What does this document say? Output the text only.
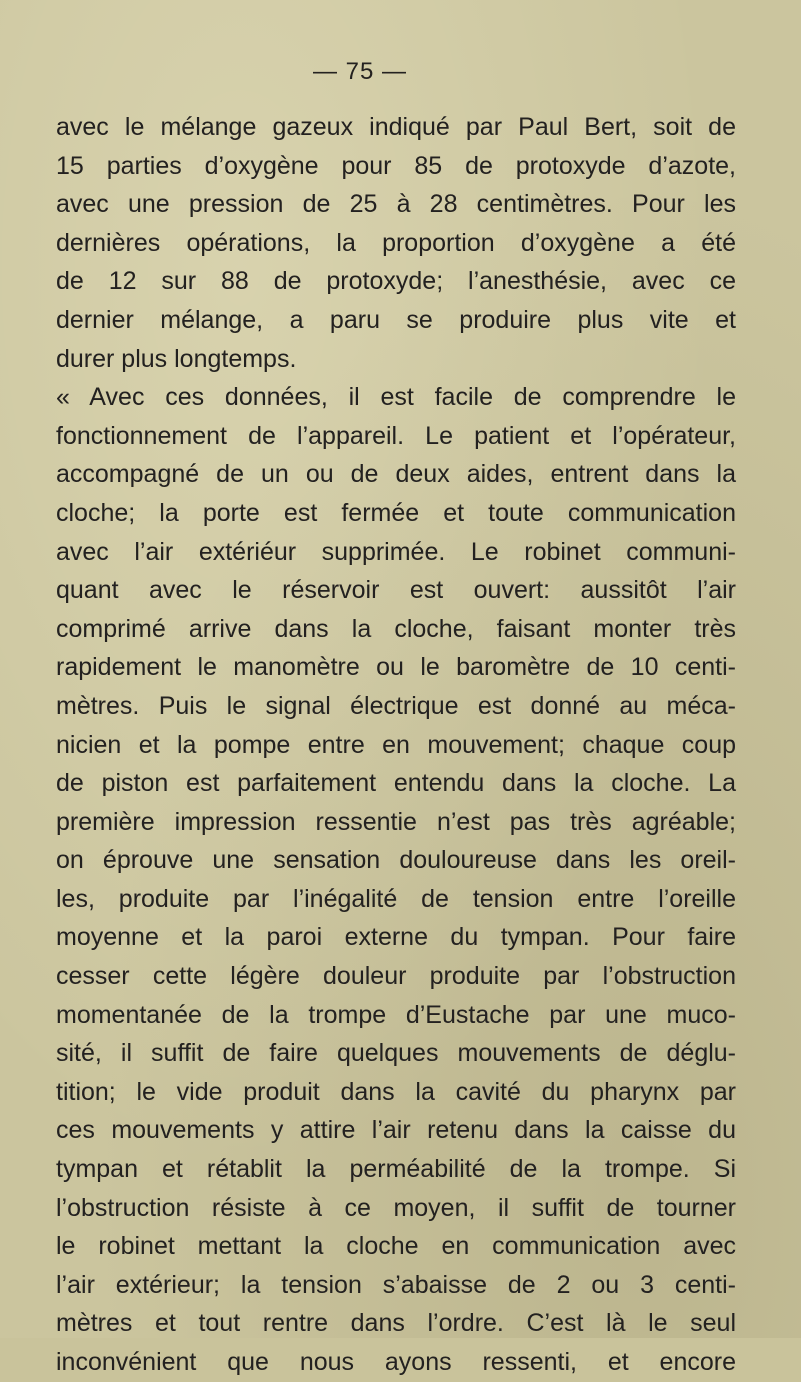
— 75 —
avec le mélange gazeux indiqué par Paul Bert, soit de
15 parties d’oxygène pour 85 de protoxyde d’azote,
avec une pression de 25 à 28 centimètres. Pour les
dernières opérations, la proportion d’oxygène a été
de 12 sur 88 de protoxyde; l’anesthésie, avec ce
dernier mélange, a paru se produire plus vite et
durer plus longtemps.
« Avec ces données, il est facile de comprendre le
fonctionnement de l’appareil. Le patient et l’opérateur,
accompagné de un ou de deux aides, entrent dans la
cloche; la porte est fermée et toute communication
avec l’air extériéur supprimée. Le robinet communi-
quant avec le réservoir est ouvert: aussitôt l’air
comprimé arrive dans la cloche, faisant monter très
rapidement le manomètre ou le baromètre de 10 centi-
mètres. Puis le signal électrique est donné au méca-
nicien et la pompe entre en mouvement; chaque coup
de piston est parfaitement entendu dans la cloche. La
première impression ressentie n’est pas très agréable;
on éprouve une sensation douloureuse dans les oreil-
les, produite par l’inégalité de tension entre l’oreille
moyenne et la paroi externe du tympan. Pour faire
cesser cette légère douleur produite par l’obstruction
momentanée de la trompe d’Eustache par une muco-
sité, il suffit de faire quelques mouvements de déglu-
tition; le vide produit dans la cavité du pharynx par
ces mouvements y attire l’air retenu dans la caisse du
tympan et rétablit la perméabilité de la trompe. Si
l’obstruction résiste à ce moyen, il suffit de tourner
le robinet mettant la cloche en communication avec
l’air extérieur; la tension s’abaisse de 2 ou 3 centi-
mètres et tout rentre dans l’ordre. C’est là le seul
inconvénient que nous ayons ressenti, et encore
